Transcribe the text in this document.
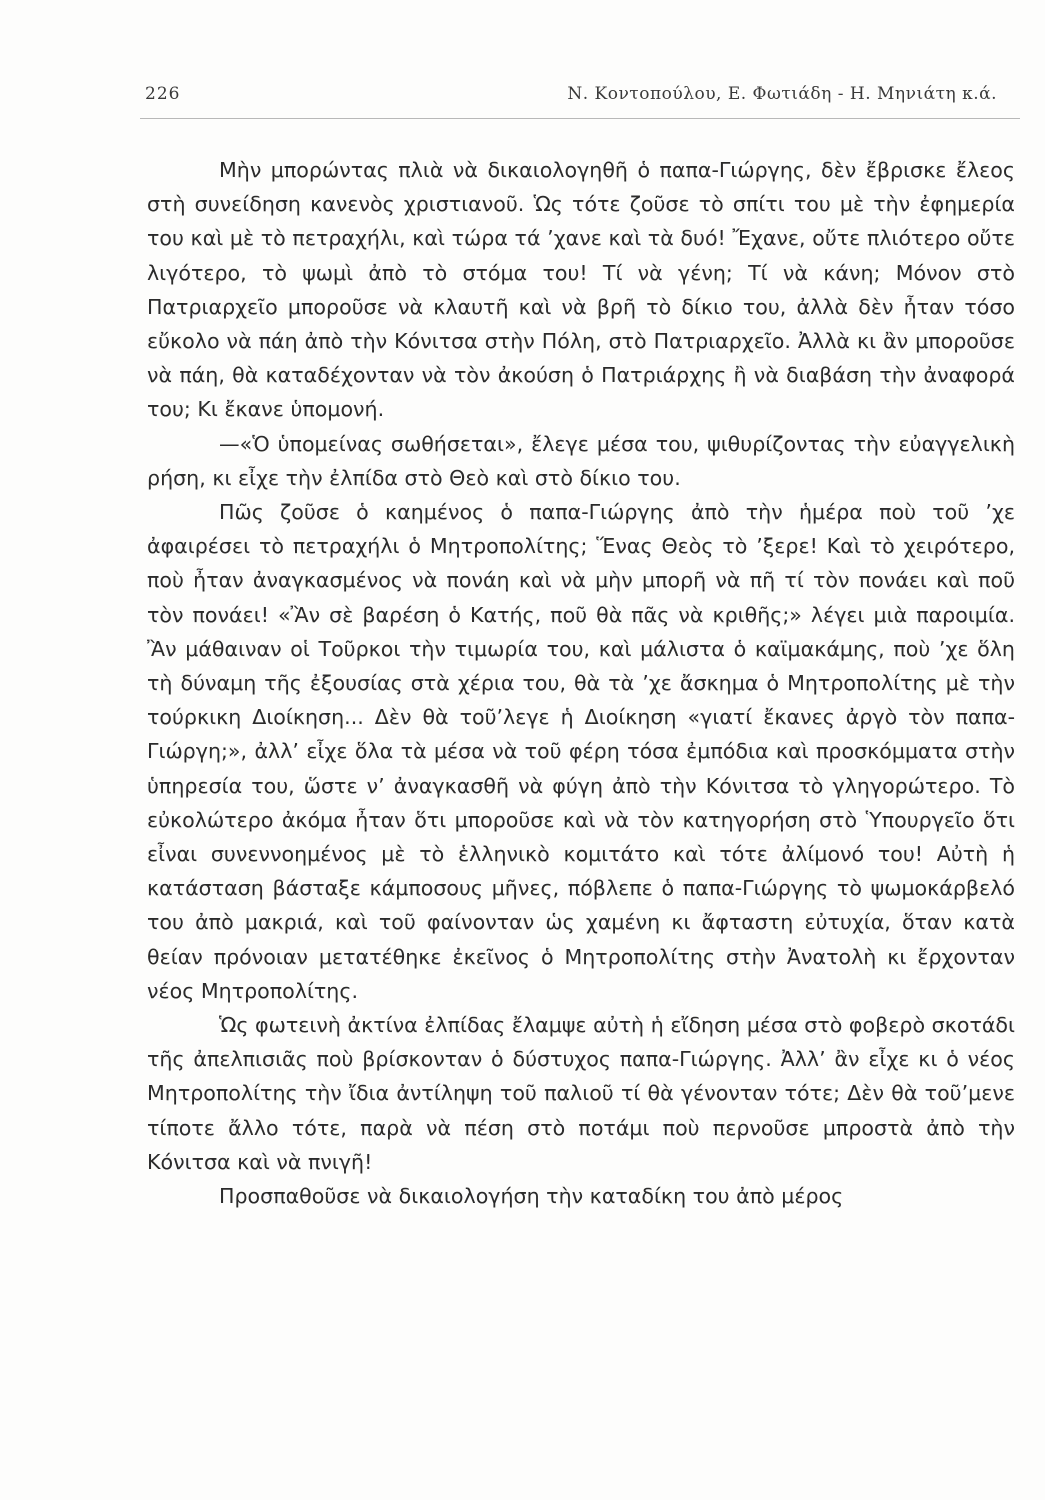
226	Ν. Κοντοπούλου, Ε. Φωτιάδη - Η. Μηνιάτη κ.ά.

Μὴν μπορώντας πλιὰ νὰ δικαιολογηθῆ ὁ παπα-Γιώργης, δὲν ἔβρισκε ἔλεος στὴ συνείδηση κανενὸς χριστιανοῦ. Ὡς τότε ζοῦσε τὸ σπίτι του μὲ τὴν ἐφημερία του καὶ μὲ τὸ πετραχήλι, καὶ τώρα τά ’χανε καὶ τὰ δυό! Ἔχανε, οὔτε πλιότερο οὔτε λιγότερο, τὸ ψωμὶ ἀπὸ τὸ στόμα του! Τί νὰ γένη; Τί νὰ κάνη; Μόνον στὸ Πατριαρχεῖο μποροῦσε νὰ κλαυτῆ καὶ νὰ βρῆ τὸ δίκιο του, ἀλλὰ δὲν ἦταν τόσο εὔκολο νὰ πάη ἀπὸ τὴν Κόνιτσα στὴν Πόλη, στὸ Πατριαρχεῖο. Ἀλλὰ κι ἂν μποροῦσε νὰ πάη, θὰ καταδέχονταν νὰ τὸν ἀκούση ὁ Πατριάρχης ἢ νὰ διαβάση τὴν ἀναφορά του; Κι ἔκανε ὑπομονή.

—«Ὁ ὑπομείνας σωθήσεται», ἔλεγε μέσα του, ψιθυρίζοντας τὴν εὐαγγελικὴ ρήση, κι εἶχε τὴν ἐλπίδα στὸ Θεὸ καὶ στὸ δίκιο του.

Πῶς ζοῦσε ὁ καημένος ὁ παπα-Γιώργης ἀπὸ τὴν ἡμέρα ποὺ τοῦ ’χε ἀφαιρέσει τὸ πετραχήλι ὁ Μητροπολίτης; Ἕνας Θεὸς τὸ ’ξερε! Καὶ τὸ χειρότερο, ποὺ ἦταν ἀναγκασμένος νὰ πονάη καὶ νὰ μὴν μπορῆ νὰ πῆ τί τὸν πονάει καὶ ποῦ τὸν πονάει! «Ἂν σὲ βαρέση ὁ Κατής, ποῦ θὰ πᾶς νὰ κριθῆς;» λέγει μιὰ παροιμία. Ἂν μάθαιναν οἱ Τοῦρκοι τὴν τιμωρία του, καὶ μάλιστα ὁ καϊμακάμης, ποὺ ’χε ὅλη τὴ δύναμη τῆς ἐξουσίας στὰ χέρια του, θὰ τὰ ’χε ἄσκημα ὁ Μητροπολίτης μὲ τὴν τούρκικη Διοίκηση... Δὲν θὰ τοῦ’λεγε ἡ Διοίκηση «γιατί ἔκανες ἀργὸ τὸν παπα-Γιώργη;», ἀλλ’ εἶχε ὅλα τὰ μέσα νὰ τοῦ φέρη τόσα ἐμπόδια καὶ προσκόμματα στὴν ὑπηρεσία του, ὥστε ν’ ἀναγκασθῆ νὰ φύγη ἀπὸ τὴν Κόνιτσα τὸ γληγορώτερο. Τὸ εὐκολώτερο ἀκόμα ἦταν ὅτι μποροῦσε καὶ νὰ τὸν κατηγορήση στὸ Ὑπουργεῖο ὅτι εἶναι συνεννοημένος μὲ τὸ ἑλληνικὸ κομιτάτο καὶ τότε ἀλίμονό του! Αὐτὴ ἡ κατάσταση βάσταξε κάμποσους μῆνες, πόβλεπε ὁ παπα-Γιώργης τὸ ψωμοκάρβελό του ἀπὸ μακριά, καὶ τοῦ φαίνονταν ὡς χαμένη κι ἄφταστη εὐτυχία, ὅταν κατὰ θείαν πρόνοιαν μετατέθηκε ἐκεῖνος ὁ Μητροπολίτης στὴν Ἀνατολὴ κι ἔρχονταν νέος Μητροπολίτης.

Ὡς φωτεινὴ ἀκτίνα ἐλπίδας ἔλαμψε αὐτὴ ἡ εἴδηση μέσα στὸ φοβερὸ σκοτάδι τῆς ἀπελπισιᾶς ποὺ βρίσκονταν ὁ δύστυχος παπα-Γιώργης. Ἀλλ’ ἂν εἶχε κι ὁ νέος Μητροπολίτης τὴν ἴδια ἀντίληψη τοῦ παλιοῦ τί θὰ γένονταν τότε; Δὲν θὰ τοῦ’μενε τίποτε ἄλλο τότε, παρὰ νὰ πέση στὸ ποτάμι ποὺ περνοῦσε μπροστὰ ἀπὸ τὴν Κόνιτσα καὶ νὰ πνιγῆ!

Προσπαθοῦσε νὰ δικαιολογήση τὴν καταδίκη του ἀπὸ μέρος
